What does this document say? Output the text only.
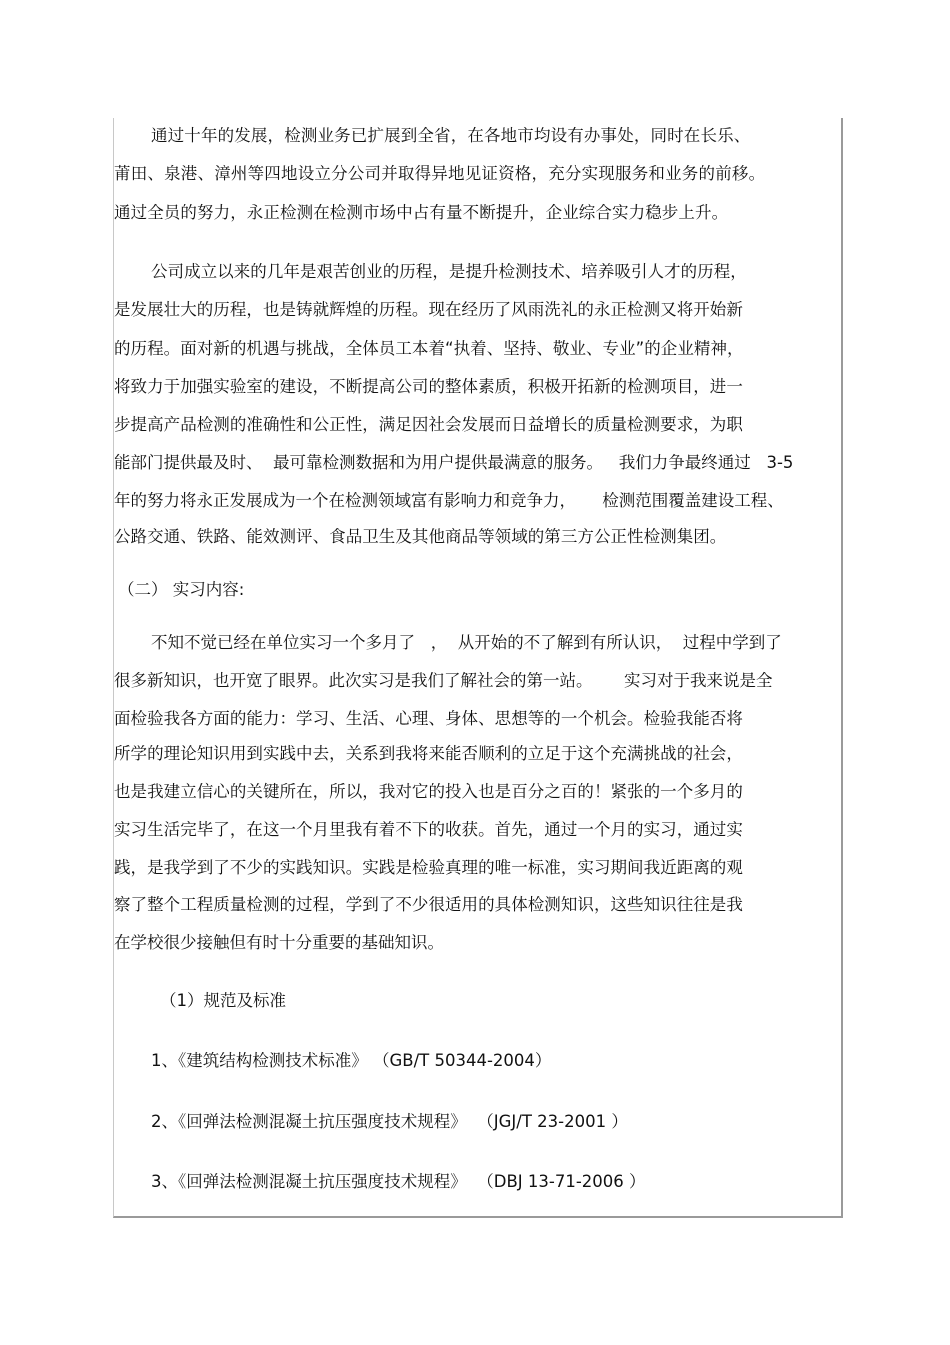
通过十年的发展，检测业务已扩展到全省，在各地市均设有办事处，同时在长乐、
莆田、泉港、漳州等四地设立分公司并取得异地见证资格，充分实现服务和业务的前移。
通过全员的努力，永正检测在检测市场中占有量不断提升，企业综合实力稳步上升。
公司成立以来的几年是艰苦创业的历程，是提升检测技术、培养吸引人才的历程，
是发展壮大的历程，也是铸就辉煌的历程。现在经历了风雨洗礼的永正检测又将开始新
的历程。面对新的机遇与挑战，全体员工本着“执着、坚持、敬业、专业”的企业精神，
将致力于加强实验室的建设，不断提高公司的整体素质，积极开拓新的检测项目，进一
步提高产品检测的准确性和公正性，满足因社会发展而日益增长的质量检测要求，为职
能部门提供最及时、  最可靠检测数据和为用户提供最满意的服务。   我们力争最终通过   3-5
年的努力将永正发展成为一个在检测领域富有影响力和竞争力，     检测范围覆盖建设工程、
公路交通、铁路、能效测评、食品卫生及其他商品等领域的第三方公正性检测集团。
（二） 实习内容:
不知不觉已经在单位实习一个多月了   ，  从开始的不了解到有所认识，  过程中学到了
很多新知识，也开宽了眼界。此次实习是我们了解社会的第一站。      实习对于我来说是全
面检验我各方面的能力：学习、生活、心理、身体、思想等的一个机会。检验我能否将
所学的理论知识用到实践中去，关系到我将来能否顺利的立足于这个充满挑战的社会，
也是我建立信心的关键所在，所以，我对它的投入也是百分之百的！紧张的一个多月的
实习生活完毕了，在这一个月里我有着不下的收获。首先，通过一个月的实习，通过实
践，是我学到了不少的实践知识。实践是检验真理的唯一标准，实习期间我近距离的观
察了整个工程质量检测的过程，学到了不少很适用的具体检测知识，这些知识往往是我
在学校很少接触但有时十分重要的基础知识。
（1）规范及标准
1、《建筑结构检测技术标准》 （GB/T 50344-2004）
2、《回弹法检测混凝土抗压强度技术规程》  （JGJ/T 23-2001 ）
3、《回弹法检测混凝土抗压强度技术规程》  （DBJ 13-71-2006 ）
